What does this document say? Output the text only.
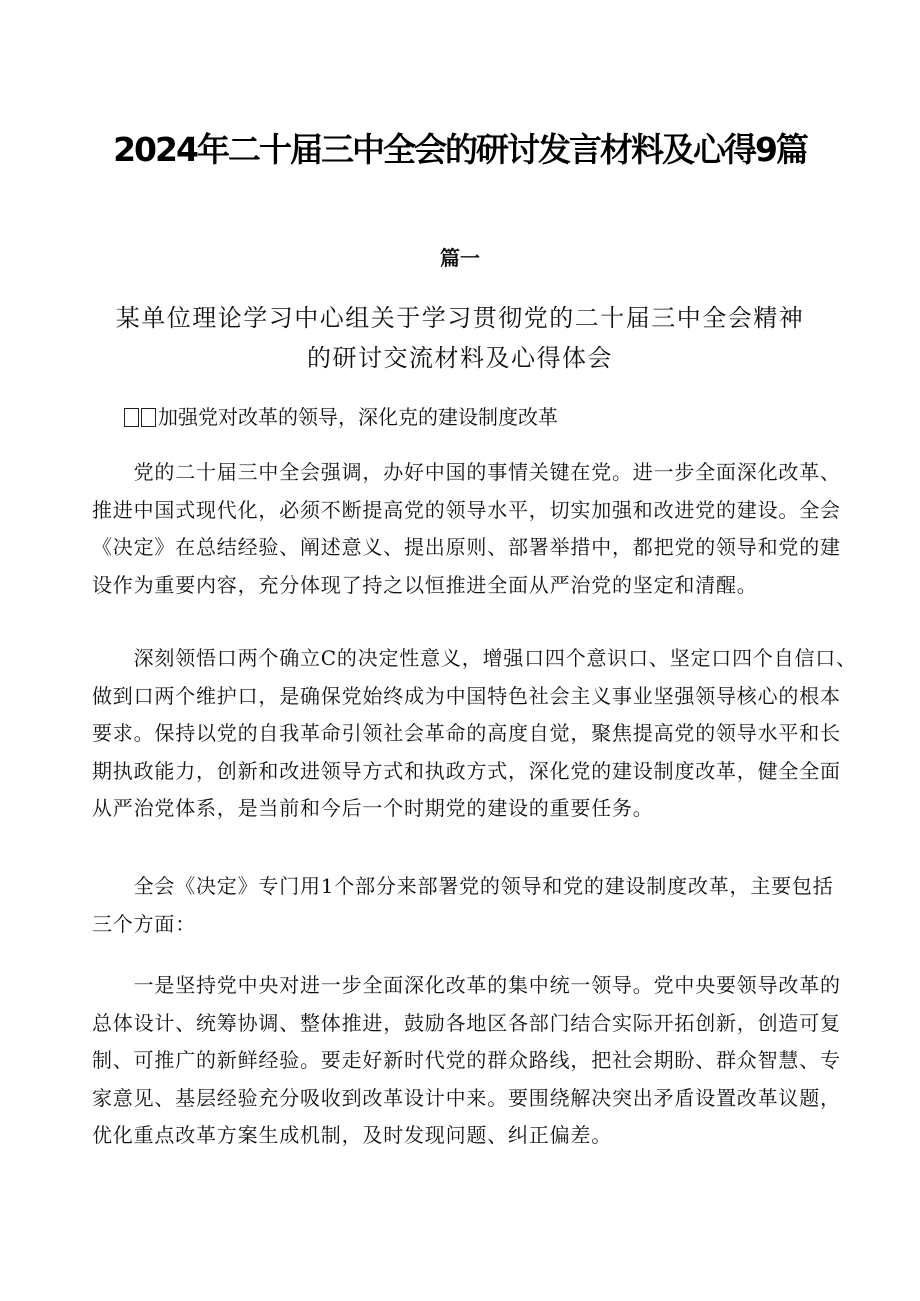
2024年二十届三中全会的研讨发言材料及心得9篇
篇一
某单位理论学习中心组关于学习贯彻党的二十届三中全会精神
的研讨交流材料及心得体会
加强党对改革的领导，深化克的建设制度改革
　　党的二十届三中全会强调，办好中国的事情关键在党。进一步全面深化改革、
推进中国式现代化，必须不断提高党的领导水平，切实加强和改进党的建设。全会
《决定》在总结经验、阐述意义、提出原则、部署举措中，都把党的领导和党的建
设作为重要内容，充分体现了持之以恒推进全面从严治党的坚定和清醒。
　　深刻领悟口两个确立C的决定性意义，增强口四个意识口、坚定口四个自信口、
做到口两个维护口，是确保党始终成为中国特色社会主义事业坚强领导核心的根本
要求。保持以党的自我革命引领社会革命的高度自觉，聚焦提高党的领导水平和长
期执政能力，创新和改进领导方式和执政方式，深化党的建设制度改革，健全全面
从严治党体系，是当前和今后一个时期党的建设的重要任务。
　　全会《决定》专门用1个部分来部署党的领导和党的建设制度改革，主要包括
三个方面：
　　一是坚持党中央对进一步全面深化改革的集中统一领导。党中央要领导改革的
总体设计、统筹协调、整体推进，鼓励各地区各部门结合实际开拓创新，创造可复
制、可推广的新鲜经验。要走好新时代党的群众路线，把社会期盼、群众智慧、专
家意见、基层经验充分吸收到改革设计中来。要围绕解决突出矛盾设置改革议题，
优化重点改革方案生成机制，及时发现问题、纠正偏差。
